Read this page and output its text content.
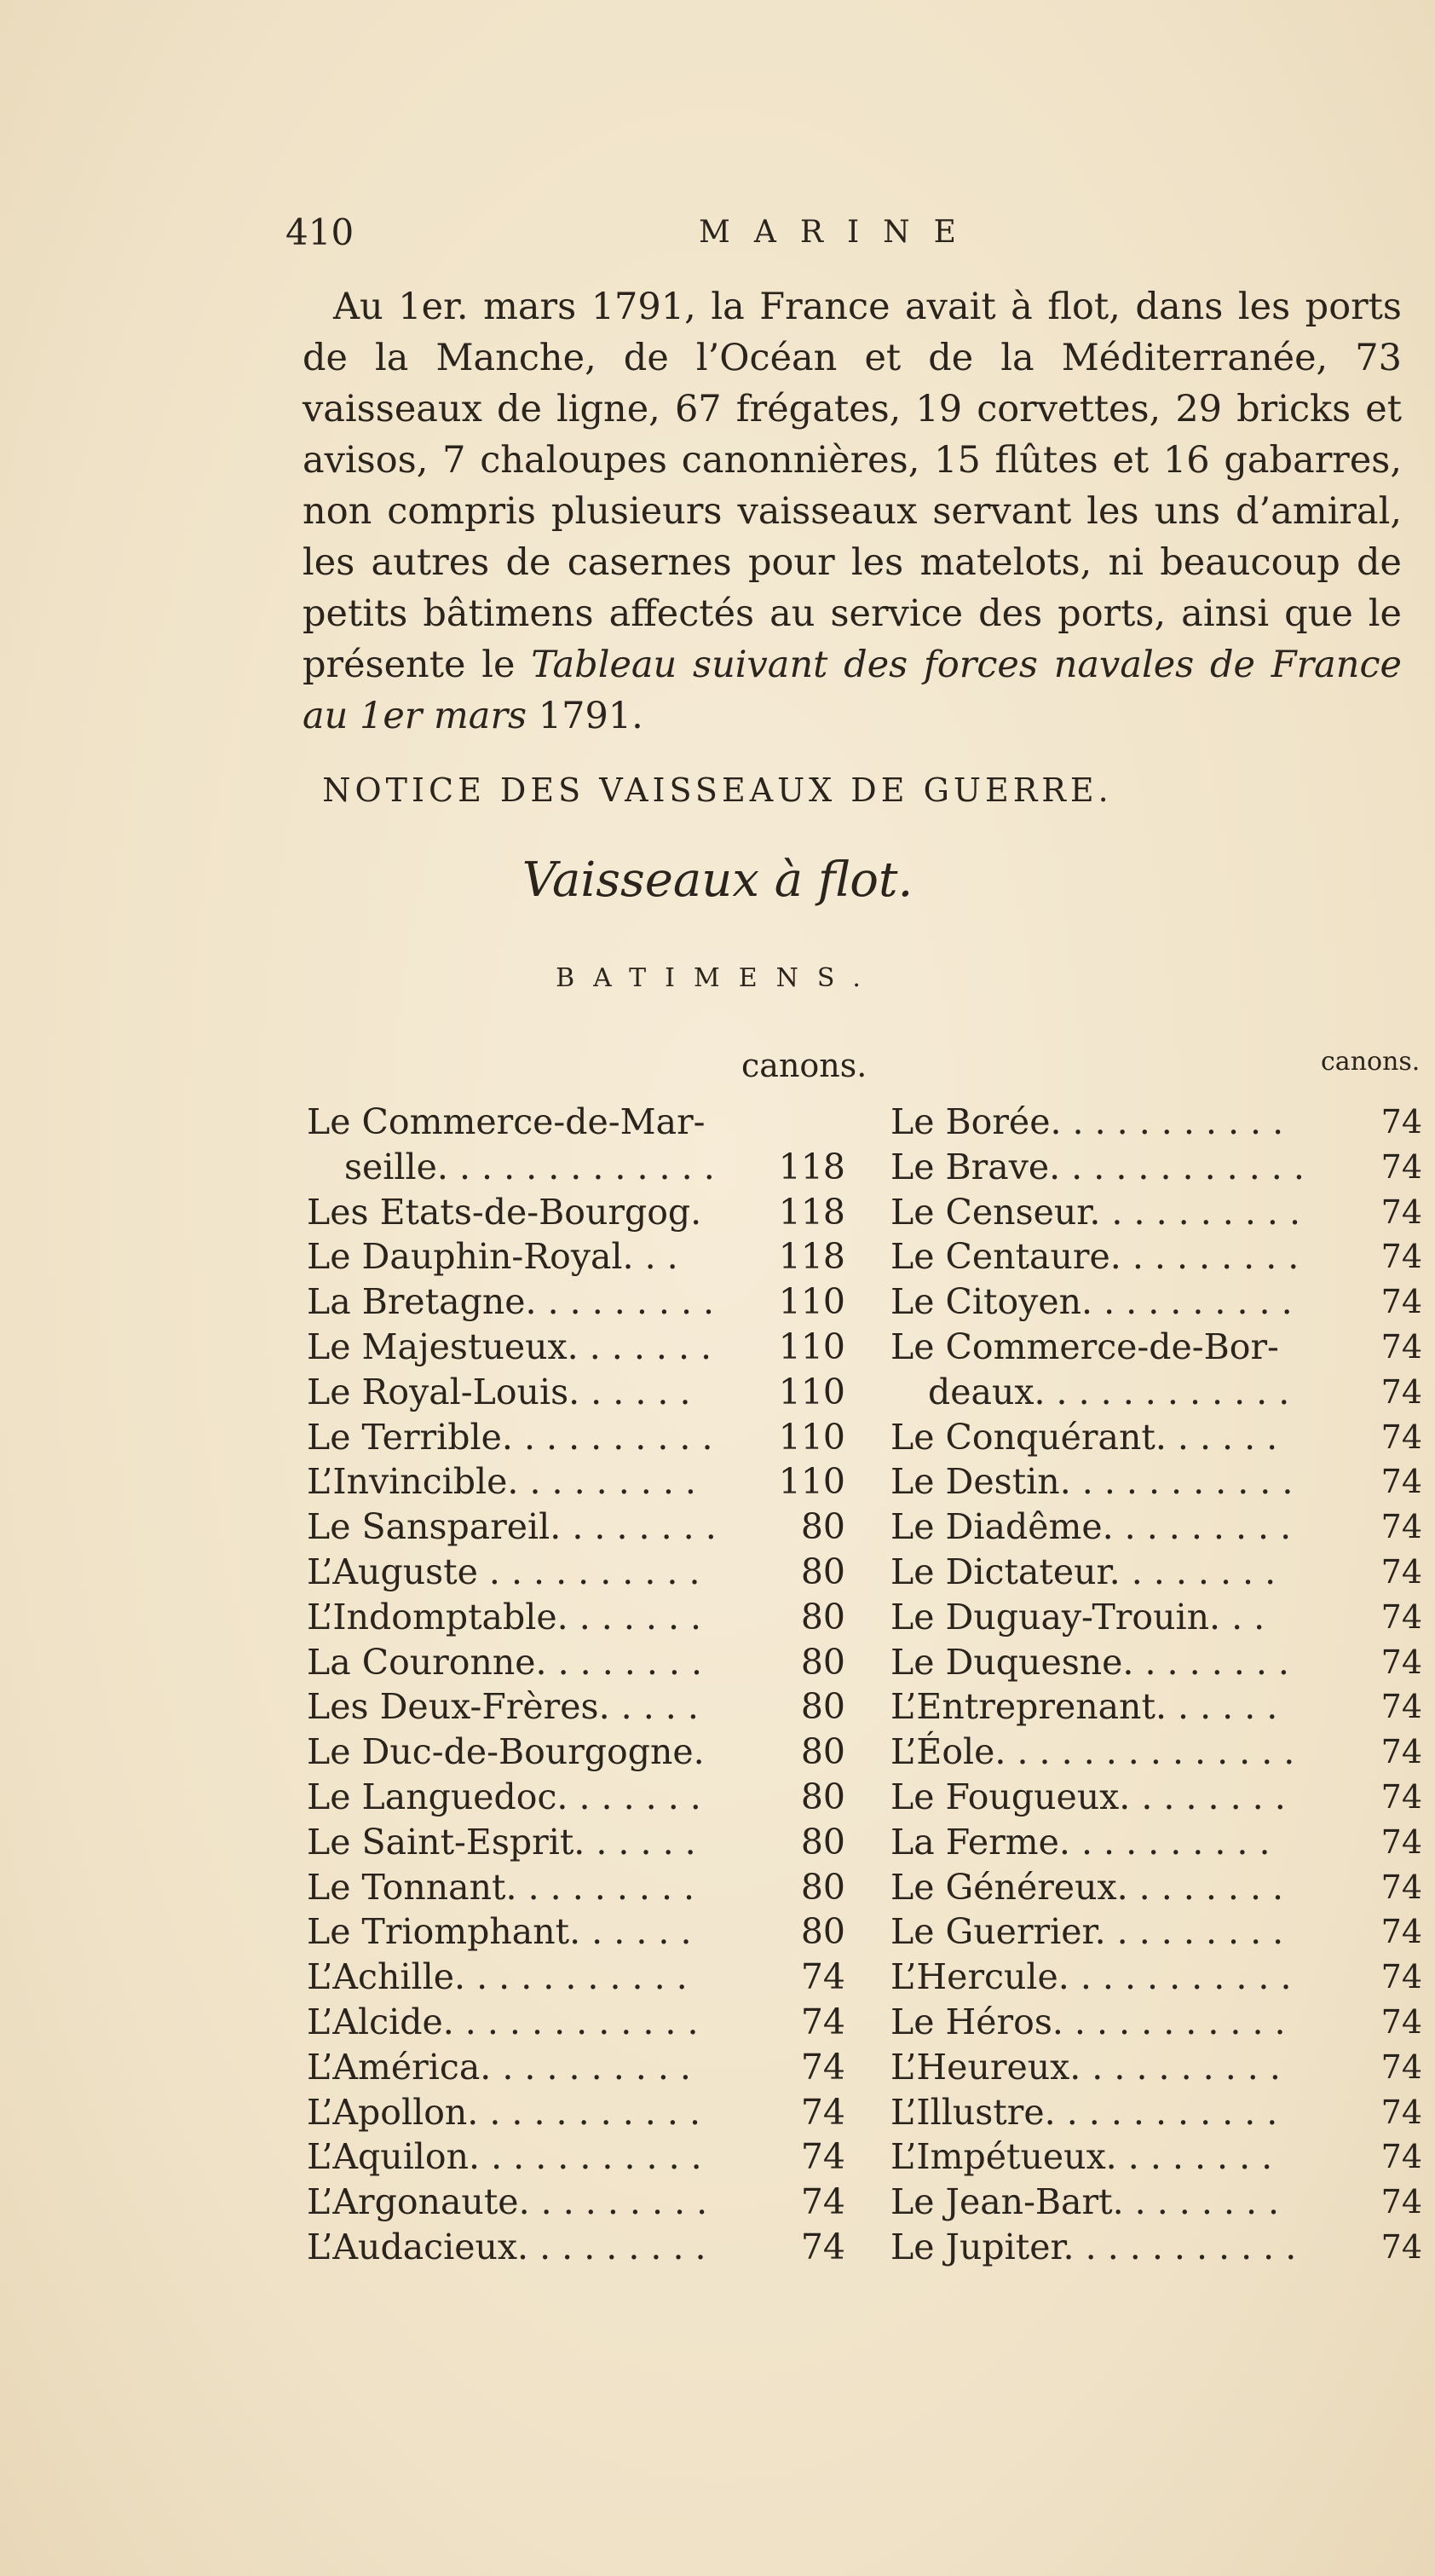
410	MARINE

Au 1er. mars 1791, la France avait à flot, dans les ports de la Manche, de l’Océan et de la Méditerranée, 73 vaisseaux de ligne, 67 frégates, 19 corvettes, 29 bricks et avisos, 7 chaloupes canonnières, 15 flûtes et 16 gabarres, non compris plusieurs vaisseaux servant les uns d’amiral, les autres de casernes pour les matelots, ni beaucoup de petits bâtimens affectés au service des ports, ainsi que le présente le Tableau suivant des forces navales de France au 1er mars 1791.

NOTICE DES VAISSEAUX DE GUERRE.
Vaisseaux à flot.
BATIMENS.
canons.	canons.
Le Commerce-de-Mar-
seille. . . . . . . . . . . . . 118
Les Etats-de-Bourgog. 118
Le Dauphin-Royal. . .	118
La Bretagne. . . . . . . . . 110
Le Majestueux. . . . . . . 110
Le Royal-Louis. . . . . .	110
Le Terrible. . . . . . . . . . 110
L’Invincible. . . . . . . . . 110
Le Sanspareil. . . . . . . . 80
L’Auguste . . . . . . . . . .	80
L’Indomptable. . . . . . .	80
La Couronne. . . . . . . .	80
Les Deux-Frères. . . . .	80
Le Duc-de-Bourgogne.	80
Le Languedoc. . . . . . .	80
Le Saint-Esprit. . . . . .	80
Le Tonnant. . . . . . . . .	80
Le Triomphant. . . . . .	80
L’Achille. . . . . . . . . . .	74
L’Alcide. . . . . . . . . . . .	74
L’América. . . . . . . . . .	74
L’Apollon. . . . . . . . . . .	74
L’Aquilon. . . . . . . . . . .	74
L’Argonaute. . . . . . . . .	74
L’Audacieux. . . . . . . . .	74
Le Borée. . . . . . . . . . .	74
Le Brave. . . . . . . . . . . . 74
Le Censeur. . . . . . . . . . 74
Le Centaure. . . . . . . . .	74
Le Citoyen. . . . . . . . . .	74
Le Commerce-de-Bor-	74
deaux. . . . . . . . . . . .	74
Le Conquérant. . . . . .	74
Le Destin. . . . . . . . . . .	74
Le Diadême. . . . . . . . .	74
Le Dictateur. . . . . . . .	74
Le Duguay-Trouin. . .	74
Le Duquesne. . . . . . . .	74
L’Entreprenant. . . . . .	74
L’Éole. . . . . . . . . . . . . .	74
Le Fougueux. . . . . . . .	74
La Ferme. . . . . . . . . .	74
Le Généreux. . . . . . . .	74
Le Guerrier. . . . . . . . .	74
L’Hercule. . . . . . . . . . .	74
Le Héros. . . . . . . . . . .	74
L’Heureux. . . . . . . . . .	74
L’Illustre. . . . . . . . . . .	74
L’Impétueux. . . . . . . .	74
Le Jean-Bart. . . . . . . .	74
Le Jupiter. . . . . . . . . . .	74
